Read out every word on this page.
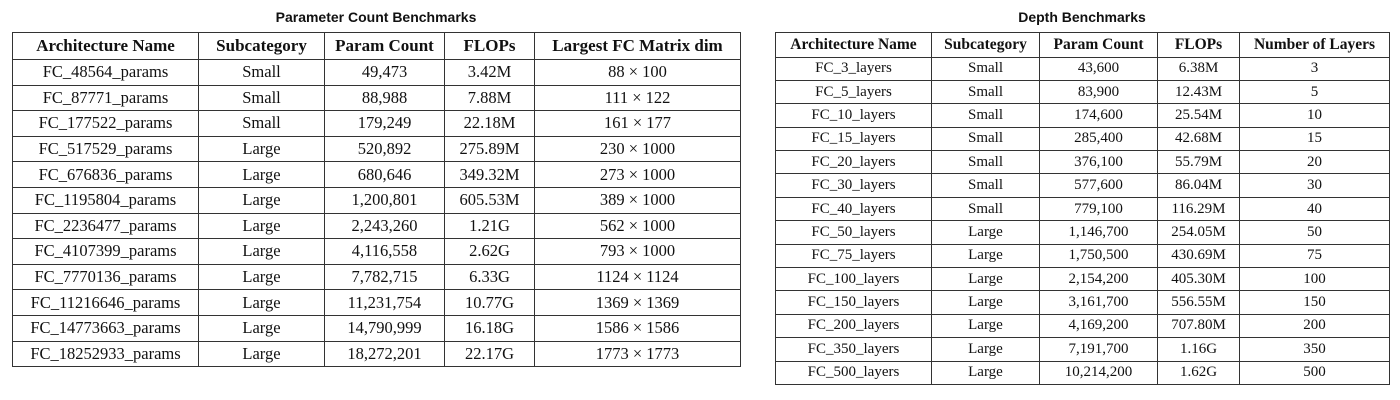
Parameter Count Benchmarks
Architecture Name	Subcategory	Param Count	FLOPs	Largest FC Matrix dim
FC_48564_params	Small	49,473	3.42M	88 × 100
FC_87771_params	Small	88,988	7.88M	111 × 122
FC_177522_params	Small	179,249	22.18M	161 × 177
FC_517529_params	Large	520,892	275.89M	230 × 1000
FC_676836_params	Large	680,646	349.32M	273 × 1000
FC_1195804_params	Large	1,200,801	605.53M	389 × 1000
FC_2236477_params	Large	2,243,260	1.21G	562 × 1000
FC_4107399_params	Large	4,116,558	2.62G	793 × 1000
FC_7770136_params	Large	7,782,715	6.33G	1124 × 1124
FC_11216646_params	Large	11,231,754	10.77G	1369 × 1369
FC_14773663_params	Large	14,790,999	16.18G	1586 × 1586
FC_18252933_params	Large	18,272,201	22.17G	1773 × 1773
Depth Benchmarks
Architecture Name	Subcategory	Param Count	FLOPs	Number of Layers
FC_3_layers	Small	43,600	6.38M	3
FC_5_layers	Small	83,900	12.43M	5
FC_10_layers	Small	174,600	25.54M	10
FC_15_layers	Small	285,400	42.68M	15
FC_20_layers	Small	376,100	55.79M	20
FC_30_layers	Small	577,600	86.04M	30
FC_40_layers	Small	779,100	116.29M	40
FC_50_layers	Large	1,146,700	254.05M	50
FC_75_layers	Large	1,750,500	430.69M	75
FC_100_layers	Large	2,154,200	405.30M	100
FC_150_layers	Large	3,161,700	556.55M	150
FC_200_layers	Large	4,169,200	707.80M	200
FC_350_layers	Large	7,191,700	1.16G	350
FC_500_layers	Large	10,214,200	1.62G	500
